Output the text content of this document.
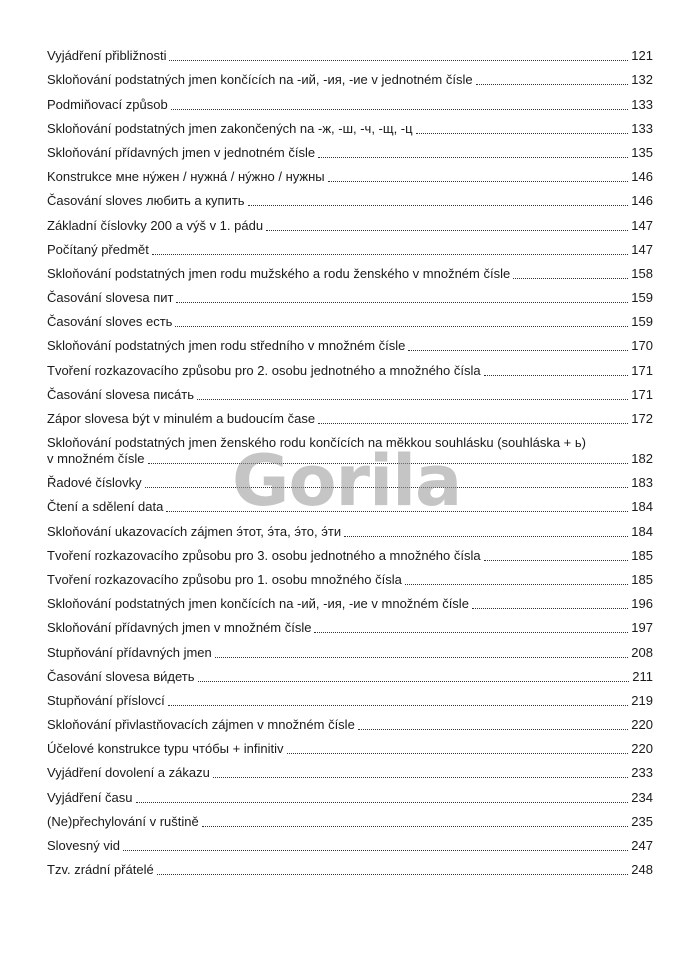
Vyjádření přibližnosti	121
Skloňování podstatných jmen končících na -ий, -ия, -ие v jednotném čísle	132
Podmiňovací způsob	133
Skloňování podstatných jmen zakončených na -ж, -ш, -ч, -щ, -ц	133
Skloňování přídavných jmen v jednotném čísle	135
Konstrukce мне нýжен / нужнá / нýжно / нужны	146
Časování sloves любить a купить	146
Základní číslovky 200 a výš v 1. pádu	147
Počítaný předmět	147
Skloňování podstatných jmen rodu mužského a rodu ženského v množném čísle	158
Časování slovesa пит	159
Časování sloves есть	159
Skloňování podstatných jmen rodu středního v množném čísle	170
Tvoření rozkazovacího způsobu pro 2. osobu jednotného a množného čísla	171
Časování slovesa писáть	171
Zápor slovesa být v minulém a budoucím čase	172
Skloňování podstatných jmen ženského rodu končících na měkkou souhlásku (souhláska + ь)
v množném čísle	182
Řadové číslovky	183
Čtení a sdělení data	184
Skloňování ukazovacích zájmen э́тот, э́та, э́то, э́ти	184
Tvoření rozkazovacího způsobu pro 3. osobu jednotného a množného čísla	185
Tvoření rozkazovacího způsobu pro 1. osobu množného čísla	185
Skloňování podstatných jmen končících na -ий, -ия, -ие v množném čísle	196
Skloňování přídavných jmen v množném čísle	197
Stupňování přídavných jmen	208
Časování slovesa ви́деть	211
Stupňování příslovcí	219
Skloňování přivlastňovacích zájmen v množném čísle	220
Účelové konstrukce typu чтóбы + infinitiv	220
Vyjádření dovolení a zákazu	233
Vyjádření času	234
(Ne)přechylování v ruštině	235
Slovesný vid	247
Tzv. zrádní přátelé	248
Gorila
